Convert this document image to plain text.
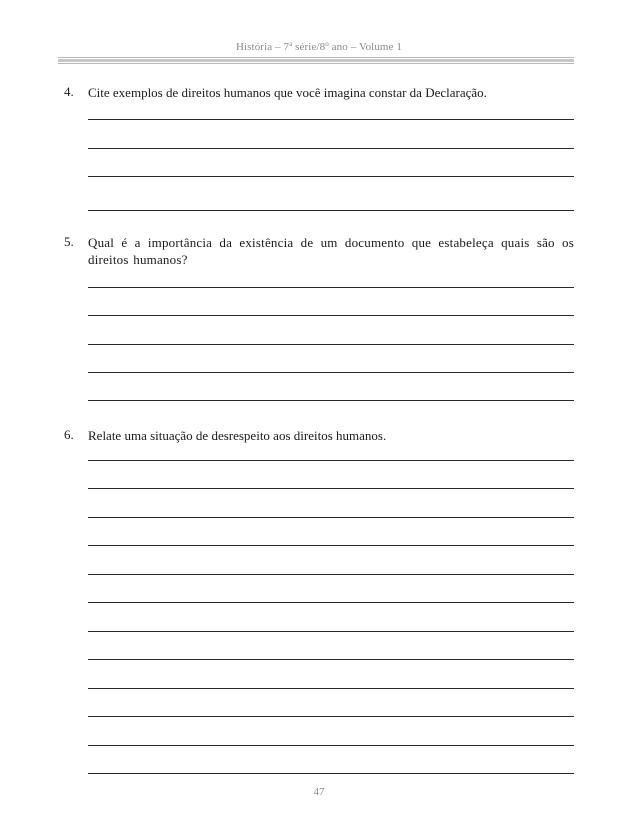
História – 7$^a$ série/8$^o$ ano – Volume 1
4. Cite exemplos de direitos humanos que você imagina constar da Declaração.
5. Qual é a importância da existência de um documento que estabeleça quais são os direitos humanos?
6. Relate uma situação de desrespeito aos direitos humanos.
47
